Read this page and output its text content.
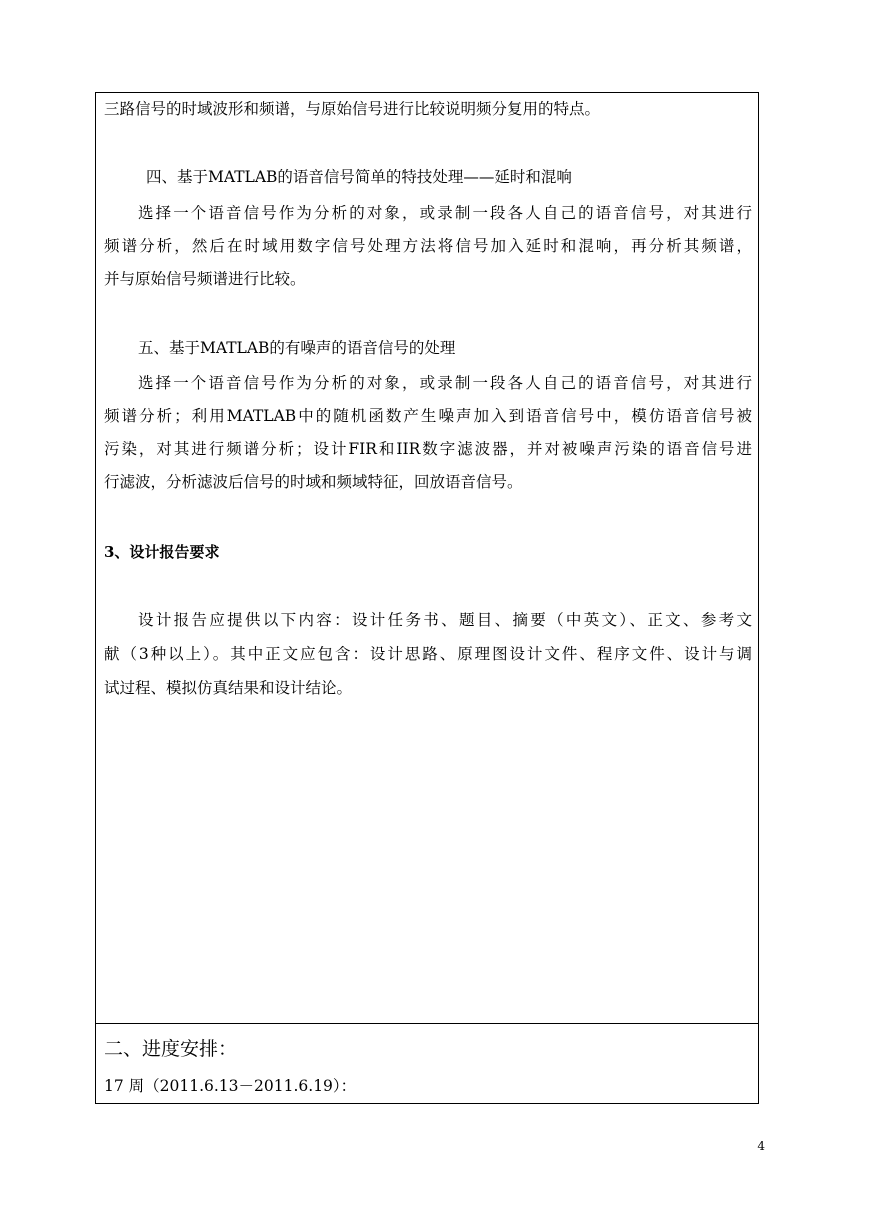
三路信号的时域波形和频谱，与原始信号进行比较说明频分复用的特点。
四、基于MATLAB的语音信号简单的特技处理——延时和混响
选择一个语音信号作为分析的对象，或录制一段各人自己的语音信号，对其进行
频谱分析，然后在时域用数字信号处理方法将信号加入延时和混响，再分析其频谱，
并与原始信号频谱进行比较。
五、基于MATLAB的有噪声的语音信号的处理
选择一个语音信号作为分析的对象，或录制一段各人自己的语音信号，对其进行
频谱分析；利用MATLAB中的随机函数产生噪声加入到语音信号中，模仿语音信号被
污染，对其进行频谱分析；设计FIR和IIR数字滤波器，并对被噪声污染的语音信号进
行滤波，分析滤波后信号的时域和频域特征，回放语音信号。
3、设计报告要求
设计报告应提供以下内容：设计任务书、题目、摘要（中英文）、正文、参考文
献（3种以上）。其中正文应包含：设计思路、原理图设计文件、程序文件、设计与调
试过程、模拟仿真结果和设计结论。
二、进度安排：
17 周（2011.6.13－2011.6.19）：
4
